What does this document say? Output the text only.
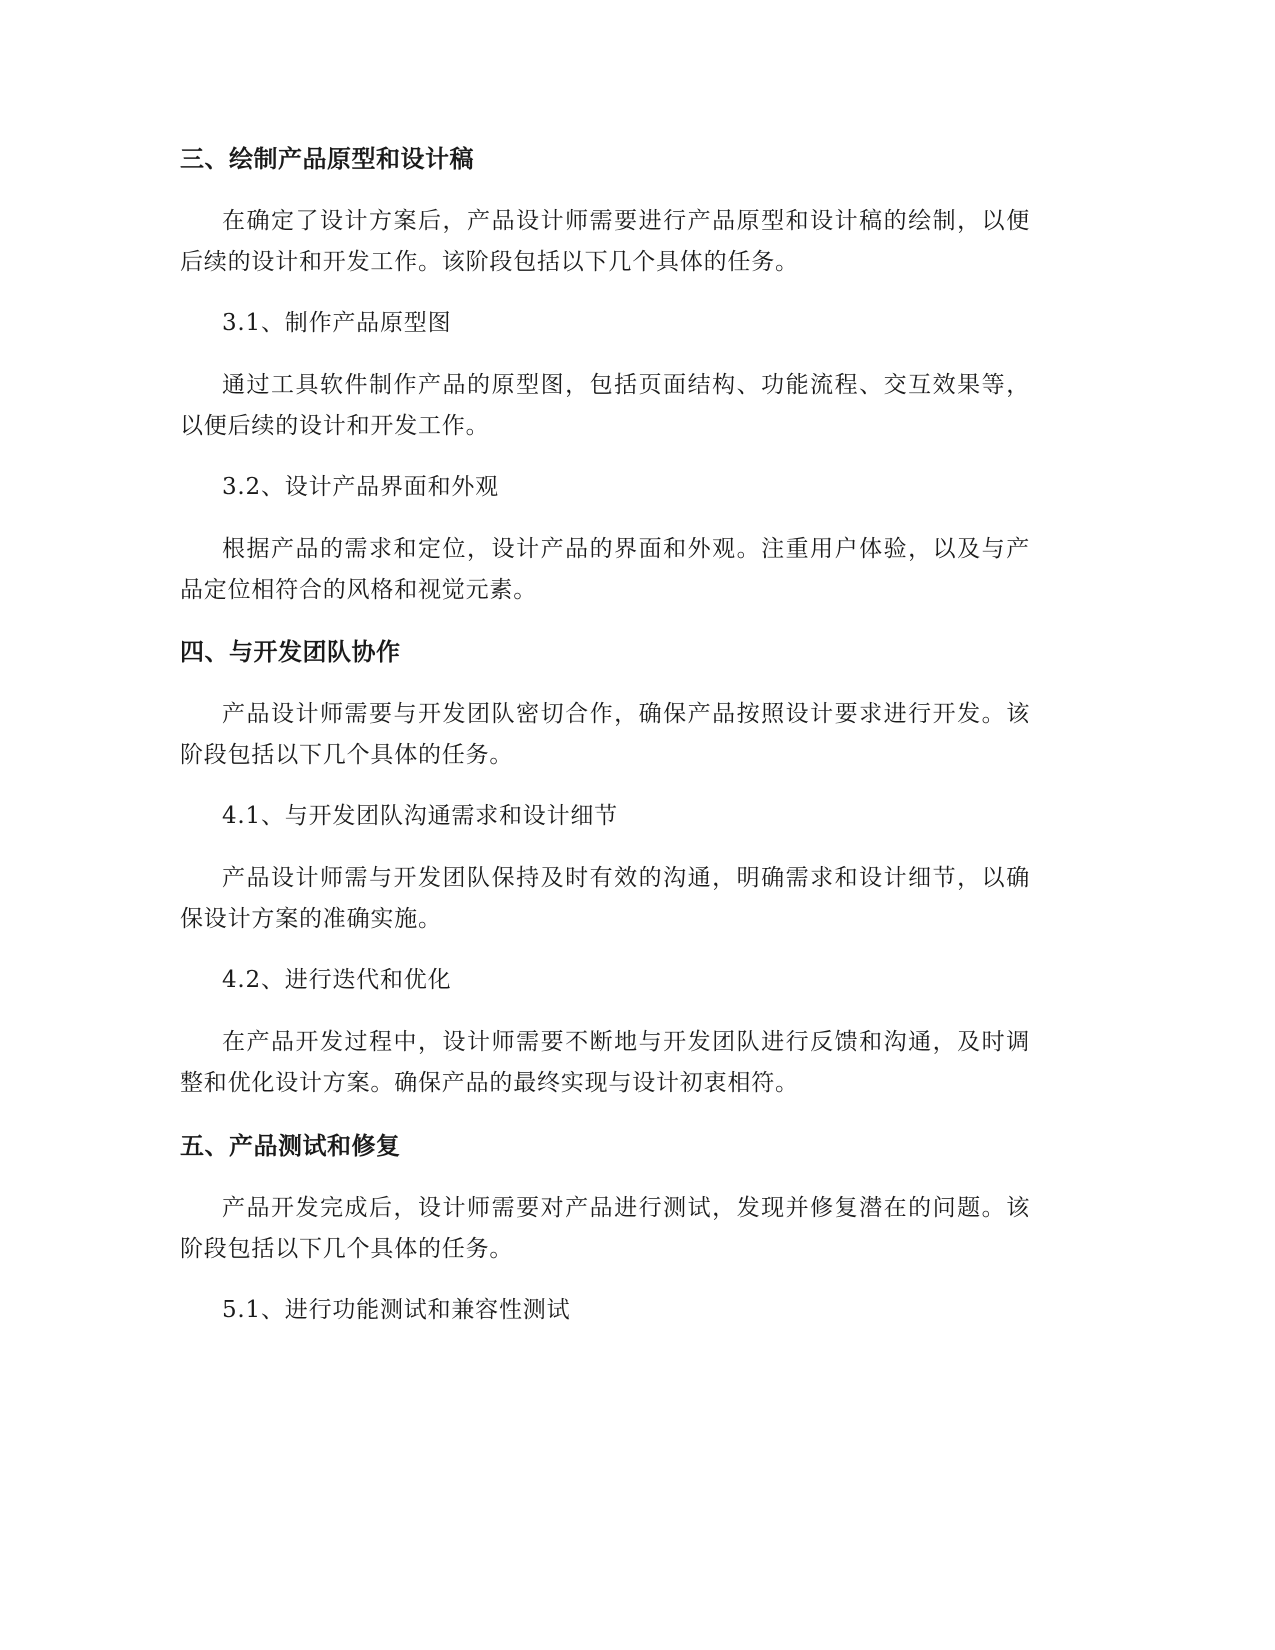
三、绘制产品原型和设计稿

在确定了设计方案后，产品设计师需要进行产品原型和设计稿的绘制，以便后续的设计和开发工作。该阶段包括以下几个具体的任务。

3.1、制作产品原型图

通过工具软件制作产品的原型图，包括页面结构、功能流程、交互效果等，以便后续的设计和开发工作。

3.2、设计产品界面和外观

根据产品的需求和定位，设计产品的界面和外观。注重用户体验，以及与产品定位相符合的风格和视觉元素。

四、与开发团队协作

产品设计师需要与开发团队密切合作，确保产品按照设计要求进行开发。该阶段包括以下几个具体的任务。

4.1、与开发团队沟通需求和设计细节

产品设计师需与开发团队保持及时有效的沟通，明确需求和设计细节，以确保设计方案的准确实施。

4.2、进行迭代和优化

在产品开发过程中，设计师需要不断地与开发团队进行反馈和沟通，及时调整和优化设计方案。确保产品的最终实现与设计初衷相符。

五、产品测试和修复

产品开发完成后，设计师需要对产品进行测试，发现并修复潜在的问题。该阶段包括以下几个具体的任务。

5.1、进行功能测试和兼容性测试
